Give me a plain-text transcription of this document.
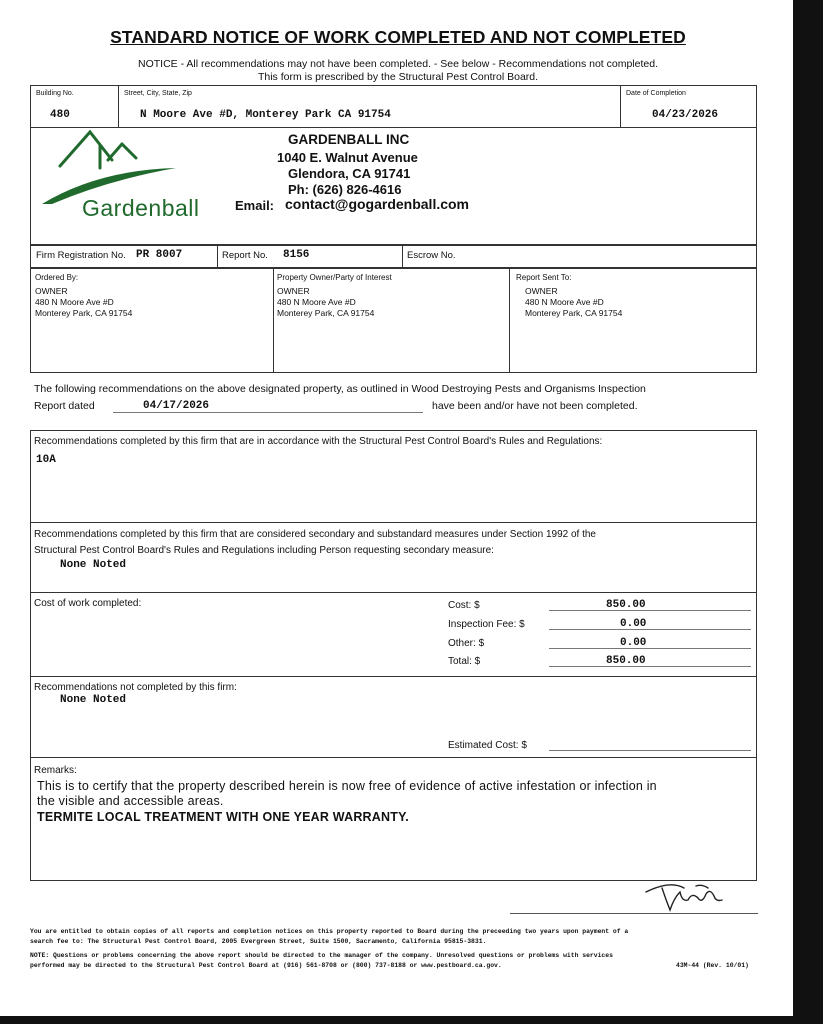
STANDARD NOTICE OF WORK COMPLETED AND NOT COMPLETED
NOTICE - All recommendations may not have been completed. - See below - Recommendations not completed.
This form is prescribed by the Structural Pest Control Board.
Building No.
480
Street, City, State, Zip
N Moore Ave #D, Monterey Park CA 91754
Date of Completion
04/23/2026
Gardenball
GARDENBALL INC
1040 E. Walnut Avenue
Glendora, CA 91741
Ph: (626) 826-4616
Email: contact@gogardenball.com
Firm Registration No. PR 8007	Report No. 8156	Escrow No.
Ordered By:
OWNER
480 N Moore Ave #D
Monterey Park, CA 91754
Property Owner/Party of Interest
OWNER
480 N Moore Ave #D
Monterey Park, CA 91754
Report Sent To:
OWNER
480 N Moore Ave #D
Monterey Park, CA 91754
The following recommendations on the above designated property, as outlined in Wood Destroying Pests and Organisms Inspection
Report dated	04/17/2026	have been and/or have not been completed.
Recommendations completed by this firm that are in accordance with the Structural Pest Control Board's Rules and Regulations:
10A
Recommendations completed by this firm that are considered secondary and substandard measures under Section 1992 of the
Structural Pest Control Board's Rules and Regulations including Person requesting secondary measure:
None Noted
Cost of work completed:	Cost: $	850.00
Inspection Fee: $	0.00
Other: $	0.00
Total: $	850.00
Recommendations not completed by this firm:
None Noted
Estimated Cost: $
Remarks:
This is to certify that the property described herein is now free of evidence of active infestation or infection in
the visible and accessible areas.
TERMITE LOCAL TREATMENT WITH ONE YEAR WARRANTY.
You are entitled to obtain copies of all reports and completion notices on this property reported to Board during the preceeding two years upon payment of a
search fee to: The Structural Pest Control Board, 2005 Evergreen Street, Suite 1500, Sacramento, California 95815-3831.
NOTE: Questions or problems concerning the above report should be directed to the manager of the company. Unresolved questions or problems with services
performed may be directed to the Structural Pest Control Board at (916) 561-8708 or (800) 737-8188 or www.pestboard.ca.gov.	43M-44 (Rev. 10/01)
